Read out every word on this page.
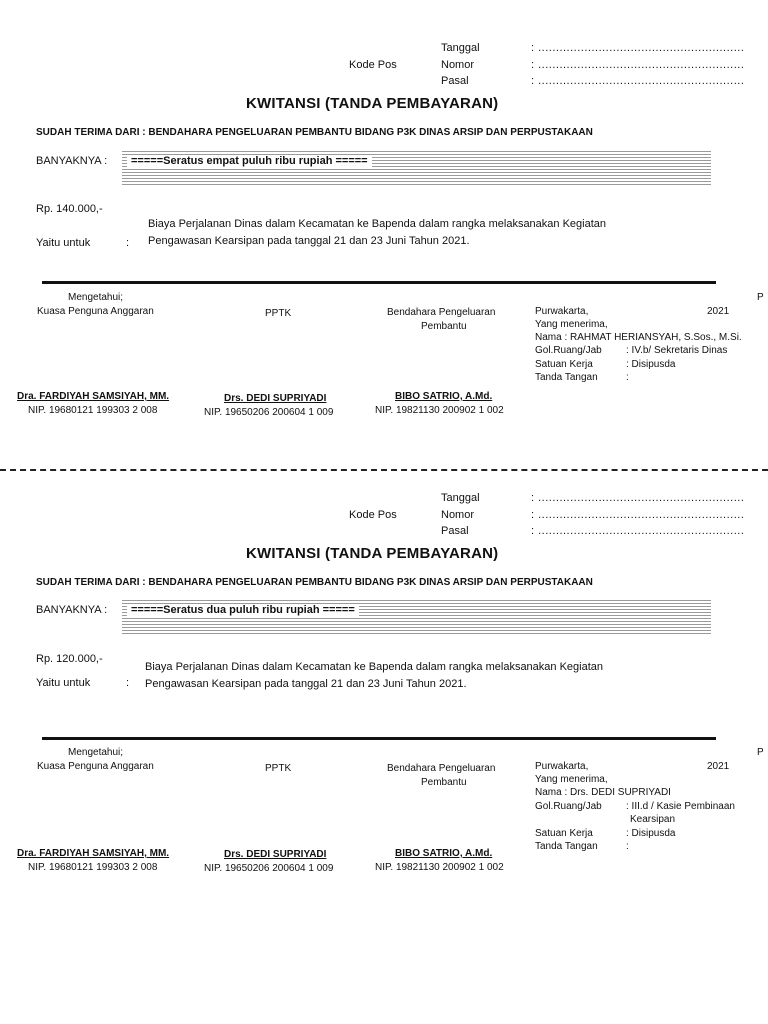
Tanggal	: ..........................................................
Kode Pos	Nomor	: ..........................................................
Pasal	: ..........................................................
KWITANSI (TANDA PEMBAYARAN)
SUDAH TERIMA DARI : BENDAHARA PENGELUARAN PEMBANTU BIDANG P3K DINAS ARSIP DAN PERPUSTAKAAN
BANYAKNYA :	=====Seratus empat puluh ribu rupiah =====
Rp. 140.000,-
Biaya Perjalanan Dinas dalam Kecamatan ke Bapenda dalam rangka melaksanakan Kegiatan
Yaitu untuk	: Pengawasan Kearsipan pada tanggal 21 dan 23 Juni Tahun 2021.
Mengetahui;
Kuasa Penguna Anggaran	PPTK	Bendahara Pengeluaran
Pembantu
P
Purwakarta,	2021
Yang menerima,
Nama : RAHMAT HERIANSYAH, S.Sos., M.Si.
Gol.Ruang/Jab : IV.b/ Sekretaris Dinas
Satuan Kerja	: Disipusda
Tanda Tangan	:
Dra. FARDIYAH SAMSIYAH, MM.
NIP. 19680121 199303 2 008
Drs. DEDI SUPRIYADI
NIP. 19650206 200604 1 009
BIBO SATRIO, A.Md.
NIP. 19821130 200902 1 002
Tanggal	: ..........................................................
Kode Pos	Nomor	: ..........................................................
Pasal	: ..........................................................
KWITANSI (TANDA PEMBAYARAN)
SUDAH TERIMA DARI : BENDAHARA PENGELUARAN PEMBANTU BIDANG P3K DINAS ARSIP DAN PERPUSTAKAAN
BANYAKNYA :	=====Seratus dua puluh ribu rupiah =====
Rp. 120.000,-
Biaya Perjalanan Dinas dalam Kecamatan ke Bapenda dalam rangka melaksanakan Kegiatan
Yaitu untuk	: Pengawasan Kearsipan pada tanggal 21 dan 23 Juni Tahun 2021.
Mengetahui;
Kuasa Penguna Anggaran	PPTK	Bendahara Pengeluaran
Pembantu
P
Purwakarta,	2021
Yang menerima,
Nama : Drs. DEDI SUPRIYADI
Gol.Ruang/Jab : III.d / Kasie Pembinaan
Kearsipan
Satuan Kerja	: Disipusda
Tanda Tangan	:
Dra. FARDIYAH SAMSIYAH, MM.
NIP. 19680121 199303 2 008
Drs. DEDI SUPRIYADI
NIP. 19650206 200604 1 009
BIBO SATRIO, A.Md.
NIP. 19821130 200902 1 002
